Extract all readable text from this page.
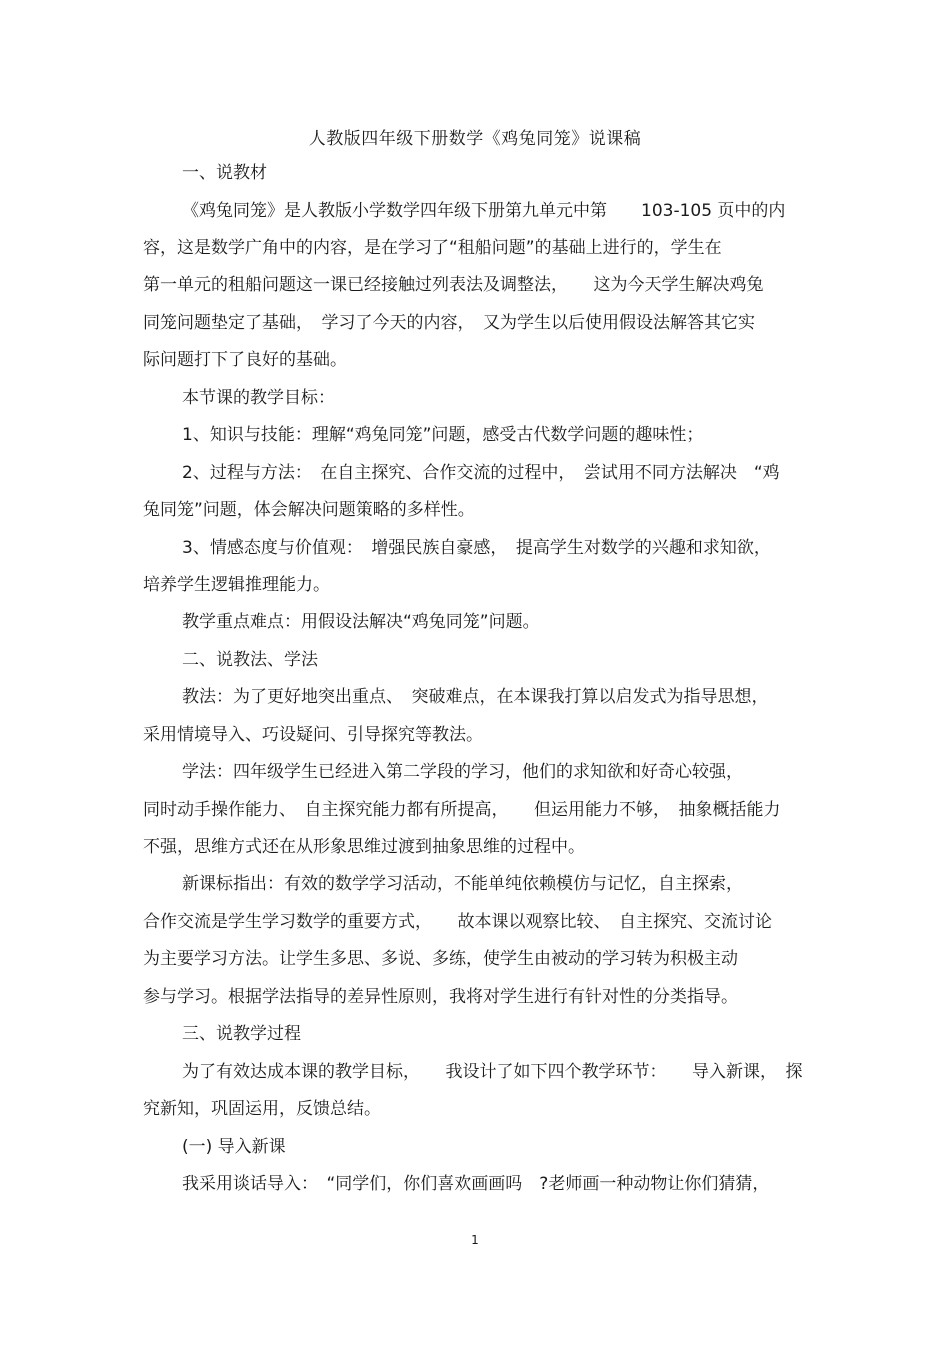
人教版四年级下册数学《鸡兔同笼》说课稿
一、说教材
《鸡兔同笼》是人教版小学数学四年级下册第九单元中第　　103-105 页中的内
容，这是数学广角中的内容，是在学习了“租船问题”的基础上进行的，学生在
第一单元的租船问题这一课已经接触过列表法及调整法，　　这为今天学生解决鸡兔
同笼问题垫定了基础，　学习了今天的内容，　又为学生以后使用假设法解答其它实
际问题打下了良好的基础。
本节课的教学目标：
1、知识与技能：理解“鸡兔同笼”问题，感受古代数学问题的趣味性；
2、过程与方法：　在自主探究、合作交流的过程中，　尝试用不同方法解决　“鸡
兔同笼”问题，体会解决问题策略的多样性。
3、情感态度与价值观：　增强民族自豪感，　提高学生对数学的兴趣和求知欲，
培养学生逻辑推理能力。
教学重点难点：用假设法解决“鸡兔同笼”问题。
二、说教法、学法
教法：为了更好地突出重点、　突破难点，在本课我打算以启发式为指导思想，
采用情境导入、巧设疑问、引导探究等教法。
学法：四年级学生已经进入第二学段的学习，他们的求知欲和好奇心较强，
同时动手操作能力、　自主探究能力都有所提高，　　但运用能力不够，　抽象概括能力
不强，思维方式还在从形象思维过渡到抽象思维的过程中。
新课标指出：有效的数学学习活动，不能单纯依赖模仿与记忆，自主探索，
合作交流是学生学习数学的重要方式，　　故本课以观察比较、　自主探究、交流讨论
为主要学习方法。让学生多思、多说、多练，使学生由被动的学习转为积极主动
参与学习。根据学法指导的差异性原则，我将对学生进行有针对性的分类指导。
三、说教学过程
为了有效达成本课的教学目标，　　我设计了如下四个教学环节：　　导入新课，　探
究新知，巩固运用，反馈总结。
(一) 导入新课
我采用谈话导入：　“同学们，你们喜欢画画吗　?老师画一种动物让你们猜猜，
1
